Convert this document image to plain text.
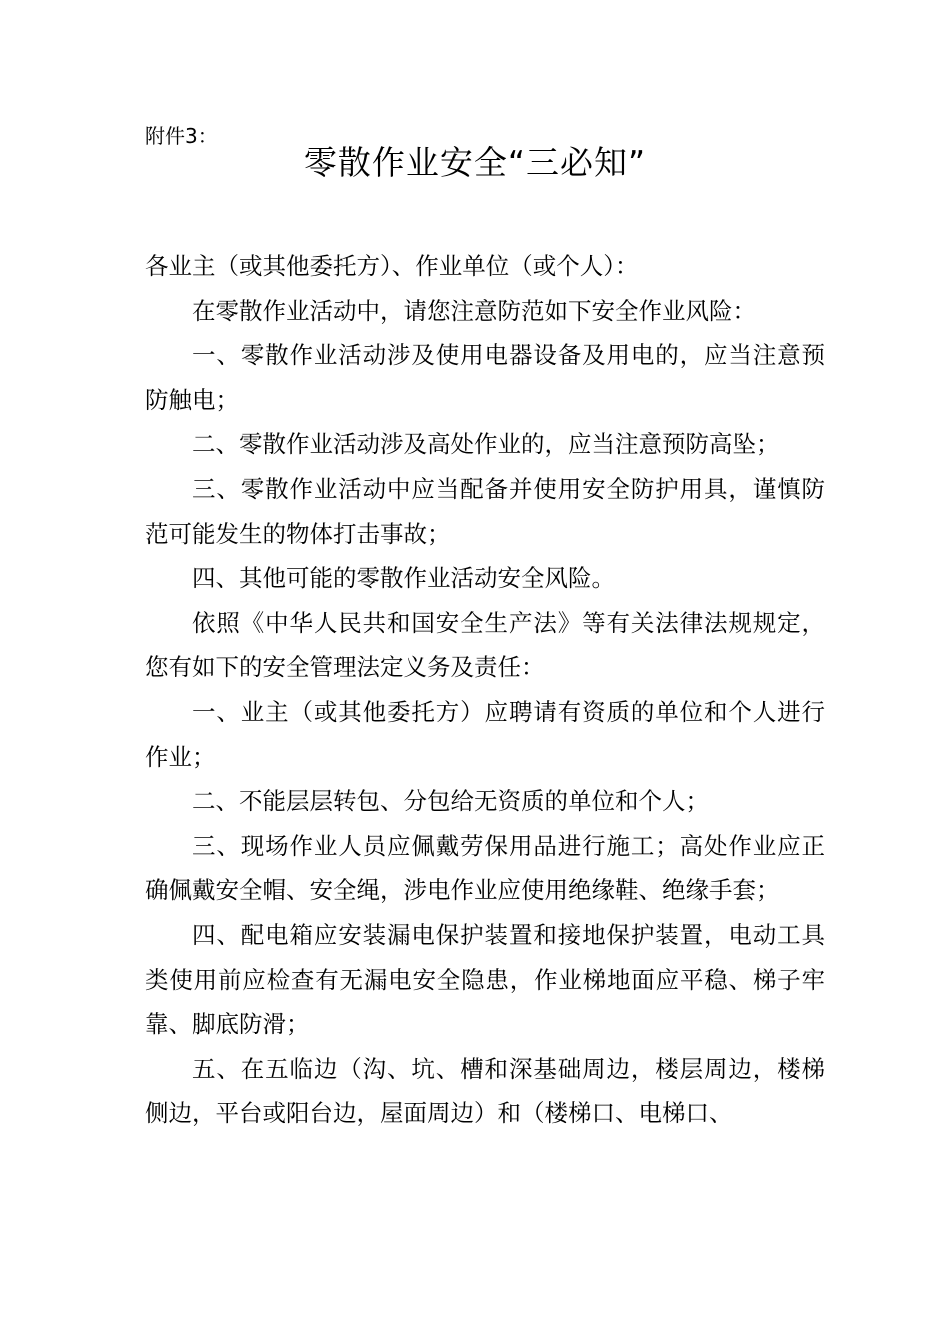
附件3：
零散作业安全“三必知”

各业主（或其他委托方）、作业单位（或个人）：

在零散作业活动中，请您注意防范如下安全作业风险：

一、零散作业活动涉及使用电器设备及用电的，应当注意预防触电；

二、零散作业活动涉及高处作业的，应当注意预防高坠；

三、零散作业活动中应当配备并使用安全防护用具，谨慎防范可能发生的物体打击事故；

四、其他可能的零散作业活动安全风险。

依照《中华人民共和国安全生产法》等有关法律法规规定，您有如下的安全管理法定义务及责任：

一、业主（或其他委托方）应聘请有资质的单位和个人进行作业；

二、不能层层转包、分包给无资质的单位和个人；

三、现场作业人员应佩戴劳保用品进行施工；高处作业应正确佩戴安全帽、安全绳，涉电作业应使用绝缘鞋、绝缘手套；

四、配电箱应安装漏电保护装置和接地保护装置，电动工具类使用前应检查有无漏电安全隐患，作业梯地面应平稳、梯子牢靠、脚底防滑；

五、在五临边（沟、坑、槽和深基础周边，楼层周边，楼梯侧边，平台或阳台边，屋面周边）和（楼梯口、电梯口、
